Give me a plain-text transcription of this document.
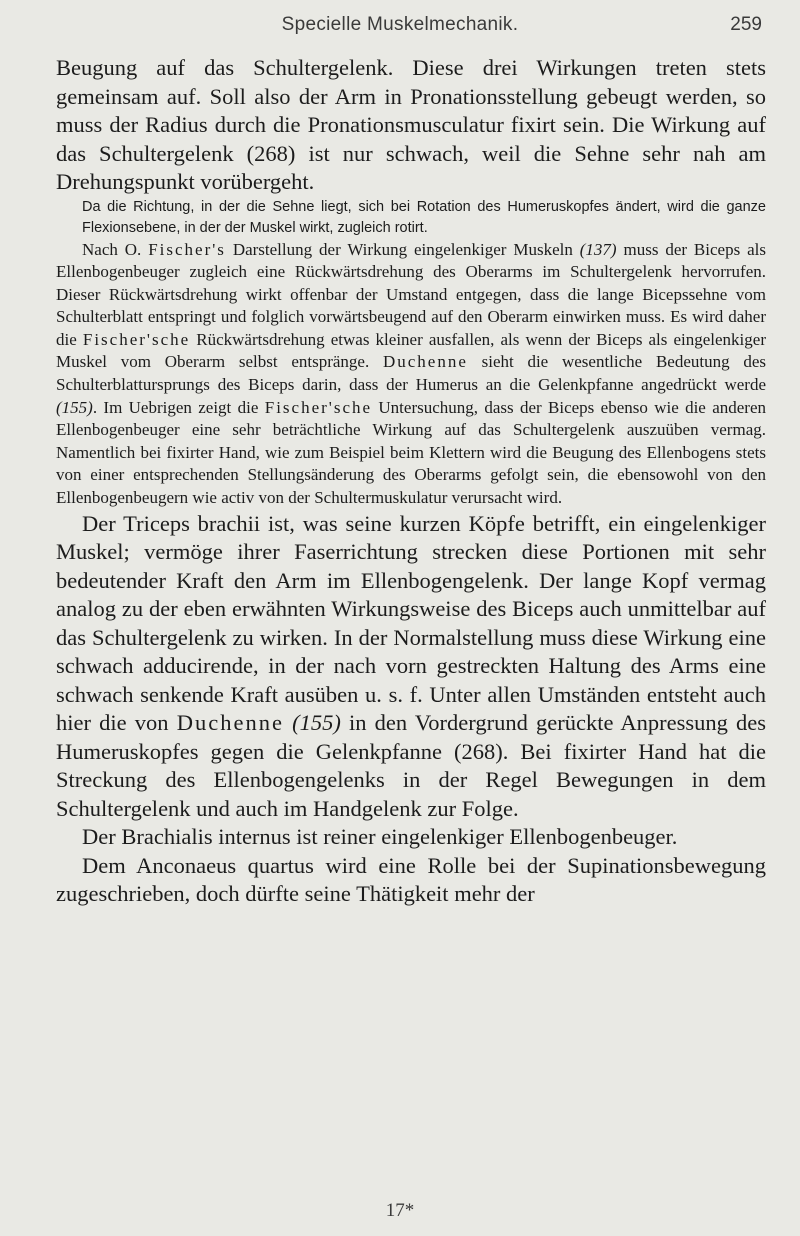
Specielle Muskelmechanik.	259

Beugung auf das Schultergelenk. Diese drei Wirkungen treten stets gemeinsam auf. Soll also der Arm in Pronationsstellung gebeugt werden, so muss der Radius durch die Pronationsmusculatur fixirt sein. Die Wirkung auf das Schultergelenk (268) ist nur schwach, weil die Sehne sehr nah am Drehungspunkt vorübergeht.

Da die Richtung, in der die Sehne liegt, sich bei Rotation des Humeruskopfes ändert, wird die ganze Flexionsebene, in der der Muskel wirkt, zugleich rotirt.

Nach O. Fischer's Darstellung der Wirkung eingelenkiger Muskeln (137) muss der Biceps als Ellenbogenbeuger zugleich eine Rückwärtsdrehung des Oberarms im Schultergelenk hervorrufen. Dieser Rückwärtsdrehung wirkt offenbar der Umstand entgegen, dass die lange Bicepssehne vom Schulterblatt entspringt und folglich vorwärtsbeugend auf den Oberarm einwirken muss. Es wird daher die Fischer'sche Rückwärtsdrehung etwas kleiner ausfallen, als wenn der Biceps als eingelenkiger Muskel vom Oberarm selbst entspränge. Duchenne sieht die wesentliche Bedeutung des Schulterblattursprungs des Biceps darin, dass der Humerus an die Gelenkpfanne angedrückt werde (155). Im Uebrigen zeigt die Fischer'sche Untersuchung, dass der Biceps ebenso wie die anderen Ellenbogenbeuger eine sehr beträchtliche Wirkung auf das Schultergelenk auszuüben vermag. Namentlich bei fixirter Hand, wie zum Beispiel beim Klettern wird die Beugung des Ellenbogens stets von einer entsprechenden Stellungsänderung des Oberarms gefolgt sein, die ebensowohl von den Ellenbogenbeugern wie activ von der Schultermuskulatur verursacht wird.

Der Triceps brachii ist, was seine kurzen Köpfe betrifft, ein eingelenkiger Muskel; vermöge ihrer Faserrichtung strecken diese Portionen mit sehr bedeutender Kraft den Arm im Ellenbogengelenk. Der lange Kopf vermag analog zu der eben erwähnten Wirkungsweise des Biceps auch unmittelbar auf das Schultergelenk zu wirken. In der Normalstellung muss diese Wirkung eine schwach adducirende, in der nach vorn gestreckten Haltung des Arms eine schwach senkende Kraft ausüben u. s. f. Unter allen Umständen entsteht auch hier die von Duchenne (155) in den Vordergrund gerückte Anpressung des Humeruskopfes gegen die Gelenkpfanne (268). Bei fixirter Hand hat die Streckung des Ellenbogengelenks in der Regel Bewegungen in dem Schultergelenk und auch im Handgelenk zur Folge.

Der Brachialis internus ist reiner eingelenkiger Ellenbogenbeuger.

Dem Anconaeus quartus wird eine Rolle bei der Supinationsbewegung zugeschrieben, doch dürfte seine Thätigkeit mehr der

17*
